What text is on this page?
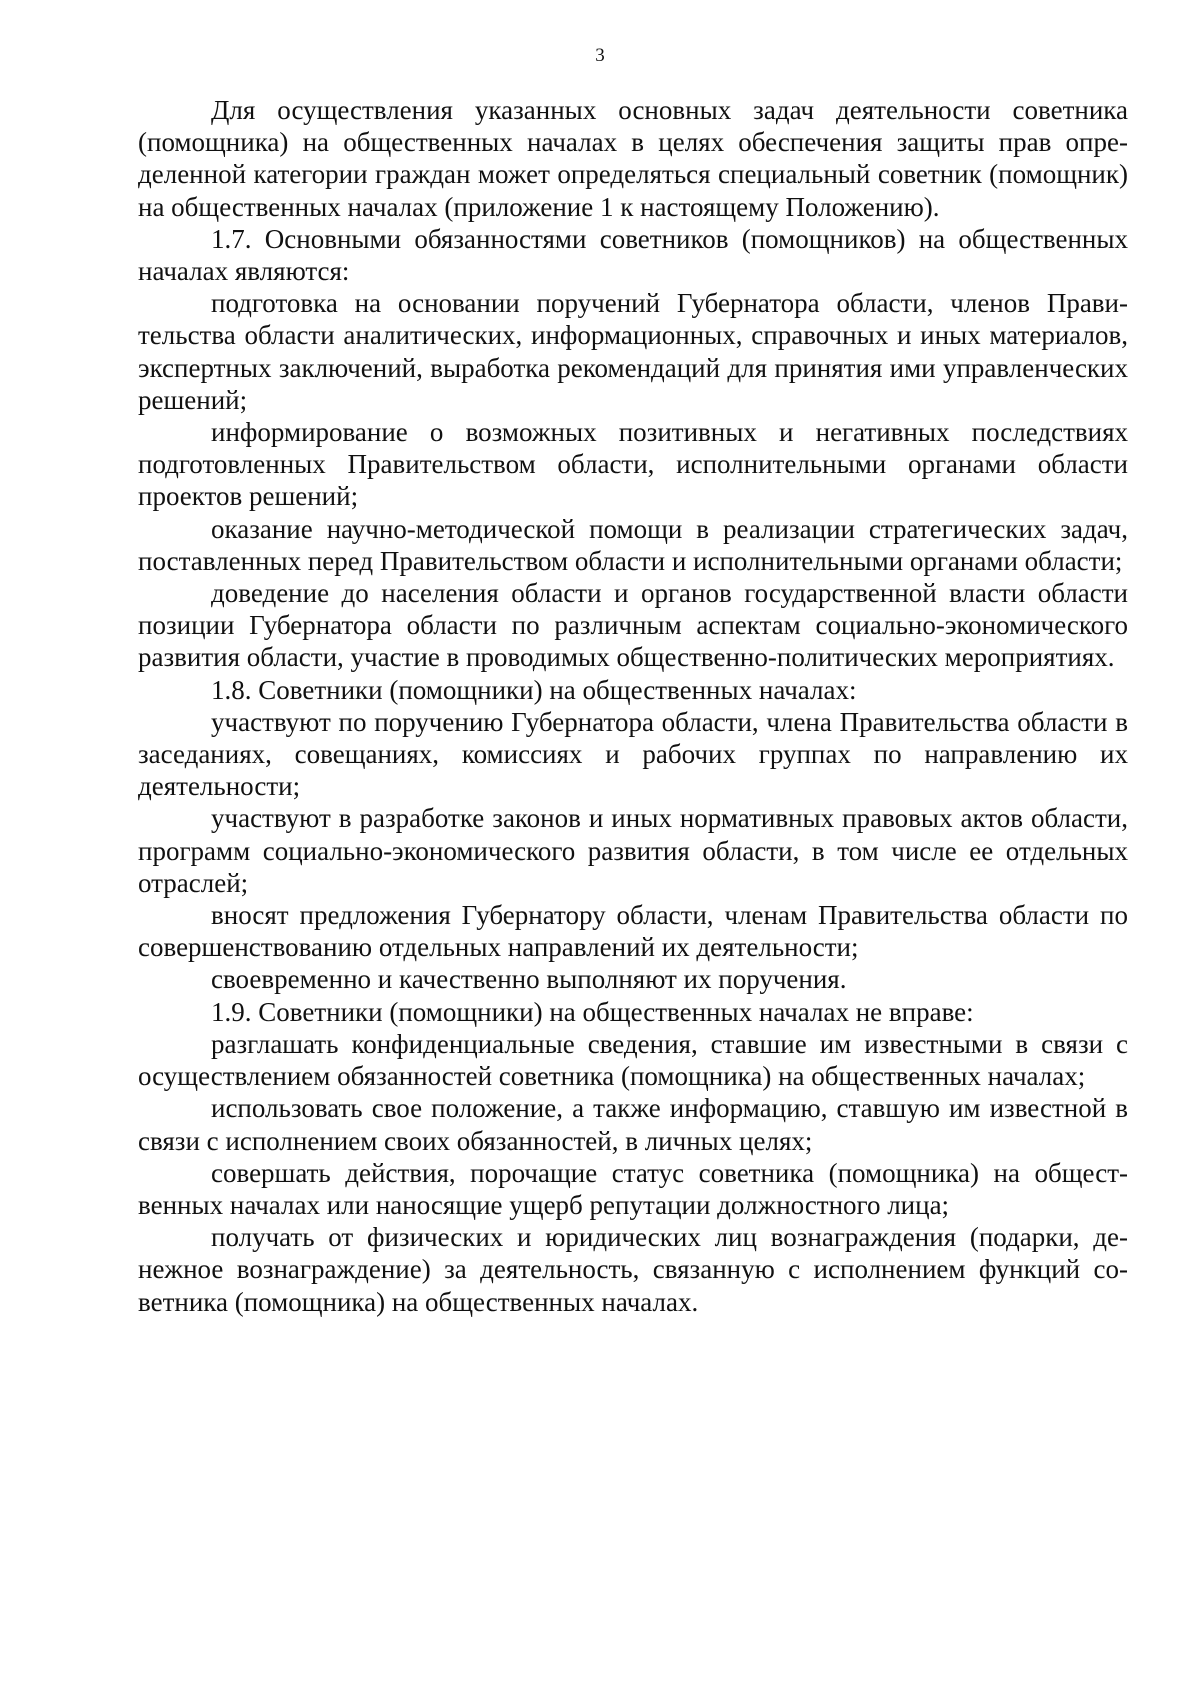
3

Для осуществления указанных основных задач деятельности советника (помощника) на общественных началах в целях обеспечения защиты прав определенной категории граждан может определяться специальный советник (помощник) на общественных началах (приложение 1 к настоящему Положению).

1.7. Основными обязанностями советников (помощников) на общественных началах являются:

подготовка на основании поручений Губернатора области, членов Правительства области аналитических, информационных, справочных и иных материалов, экспертных заключений, выработка рекомендаций для принятия ими управленческих решений;

информирование о возможных позитивных и негативных последствиях подготовленных Правительством области, исполнительными органами области проектов решений;

оказание научно-методической помощи в реализации стратегических задач, поставленных перед Правительством области и исполнительными органами области;

доведение до населения области и органов государственной власти области позиции Губернатора области по различным аспектам социально-экономического развития области, участие в проводимых общественно-политических мероприятиях.

1.8. Советники (помощники) на общественных началах:

участвуют по поручению Губернатора области, члена Правительства области в заседаниях, совещаниях, комиссиях и рабочих группах по направлению их деятельности;

участвуют в разработке законов и иных нормативных правовых актов области, программ социально-экономического развития области, в том числе ее отдельных отраслей;

вносят предложения Губернатору области, членам Правительства области по совершенствованию отдельных направлений их деятельности;

своевременно и качественно выполняют их поручения.

1.9. Советники (помощники) на общественных началах не вправе:

разглашать конфиденциальные сведения, ставшие им известными в связи с осуществлением обязанностей советника (помощника) на общественных началах;

использовать свое положение, а также информацию, ставшую им известной в связи с исполнением своих обязанностей, в личных целях;

совершать действия, порочащие статус советника (помощника) на общественных началах или наносящие ущерб репутации должностного лица;

получать от физических и юридических лиц вознаграждения (подарки, денежное вознаграждение) за деятельность, связанную с исполнением функций советника (помощника) на общественных началах.
